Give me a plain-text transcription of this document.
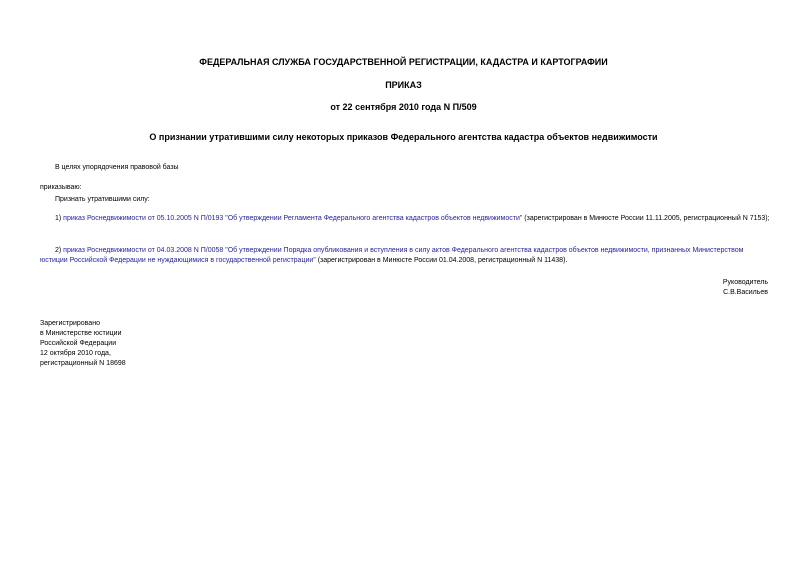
ФЕДЕРАЛЬНАЯ СЛУЖБА ГОСУДАРСТВЕННОЙ РЕГИСТРАЦИИ, КАДАСТРА И КАРТОГРАФИИ
ПРИКАЗ
от 22 сентября 2010 года N П/509
О признании утратившими силу некоторых приказов Федерального агентства кадастра объектов недвижимости
В целях упорядочения правовой базы
приказываю:
Признать утратившими силу:
1) приказ Роснедвижимости от 05.10.2005 N П/0193 "Об утверждении Регламента Федерального агентства кадастров объектов недвижимости" (зарегистрирован в Минюсте России 11.11.2005, регистрационный N 7153);
2) приказ Роснедвижимости от 04.03.2008 N П/0058 "Об утверждении Порядка опубликования и вступления в силу актов Федерального агентства кадастров объектов недвижимости, признанных Министерством юстиции Российской Федерации не нуждающимися в государственной регистрации" (зарегистрирован в Минюсте России 01.04.2008, регистрационный N 11438).
Руководитель
С.В.Васильев
Зарегистрировано
в Министерстве юстиции
Российской Федерации
12 октября 2010 года,
регистрационный N 18698
